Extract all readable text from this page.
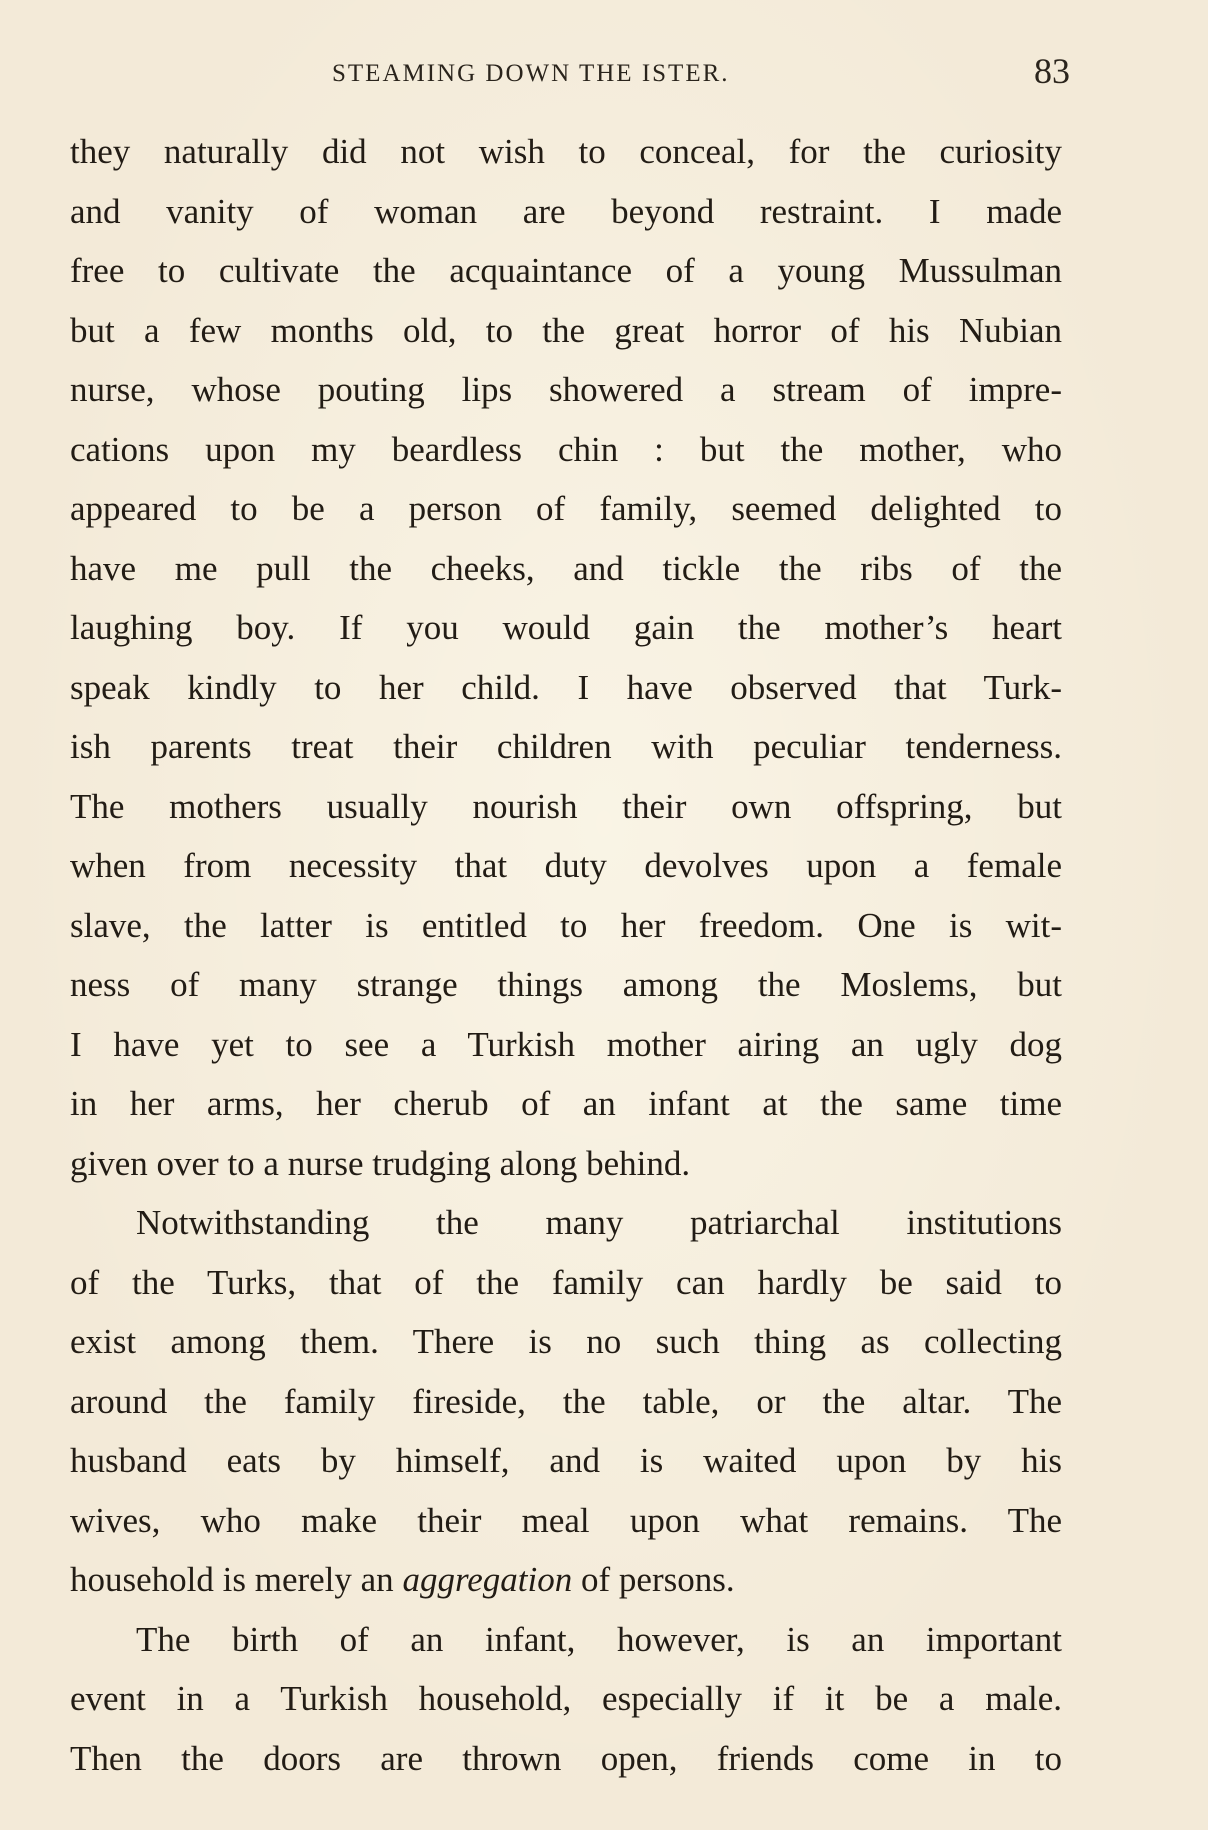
STEAMING DOWN THE ISTER.	83
they naturally did not wish to conceal, for the curiosity
and vanity of woman are beyond restraint. I made
free to cultivate the acquaintance of a young Mussulman
but a few months old, to the great horror of his Nubian
nurse, whose pouting lips showered a stream of impre-
cations upon my beardless chin : but the mother, who
appeared to be a person of family, seemed delighted to
have me pull the cheeks, and tickle the ribs of the
laughing boy. If you would gain the mother’s heart
speak kindly to her child. I have observed that Turk-
ish parents treat their children with peculiar tenderness.
The mothers usually nourish their own offspring, but
when from necessity that duty devolves upon a female
slave, the latter is entitled to her freedom. One is wit-
ness of many strange things among the Moslems, but
I have yet to see a Turkish mother airing an ugly dog
in her arms, her cherub of an infant at the same time
given over to a nurse trudging along behind.
Notwithstanding the many patriarchal institutions
of the Turks, that of the family can hardly be said to
exist among them. There is no such thing as collecting
around the family fireside, the table, or the altar. The
husband eats by himself, and is waited upon by his
wives, who make their meal upon what remains. The
household is merely an aggregation of persons.
The birth of an infant, however, is an important
event in a Turkish household, especially if it be a male.
Then the doors are thrown open, friends come in to
